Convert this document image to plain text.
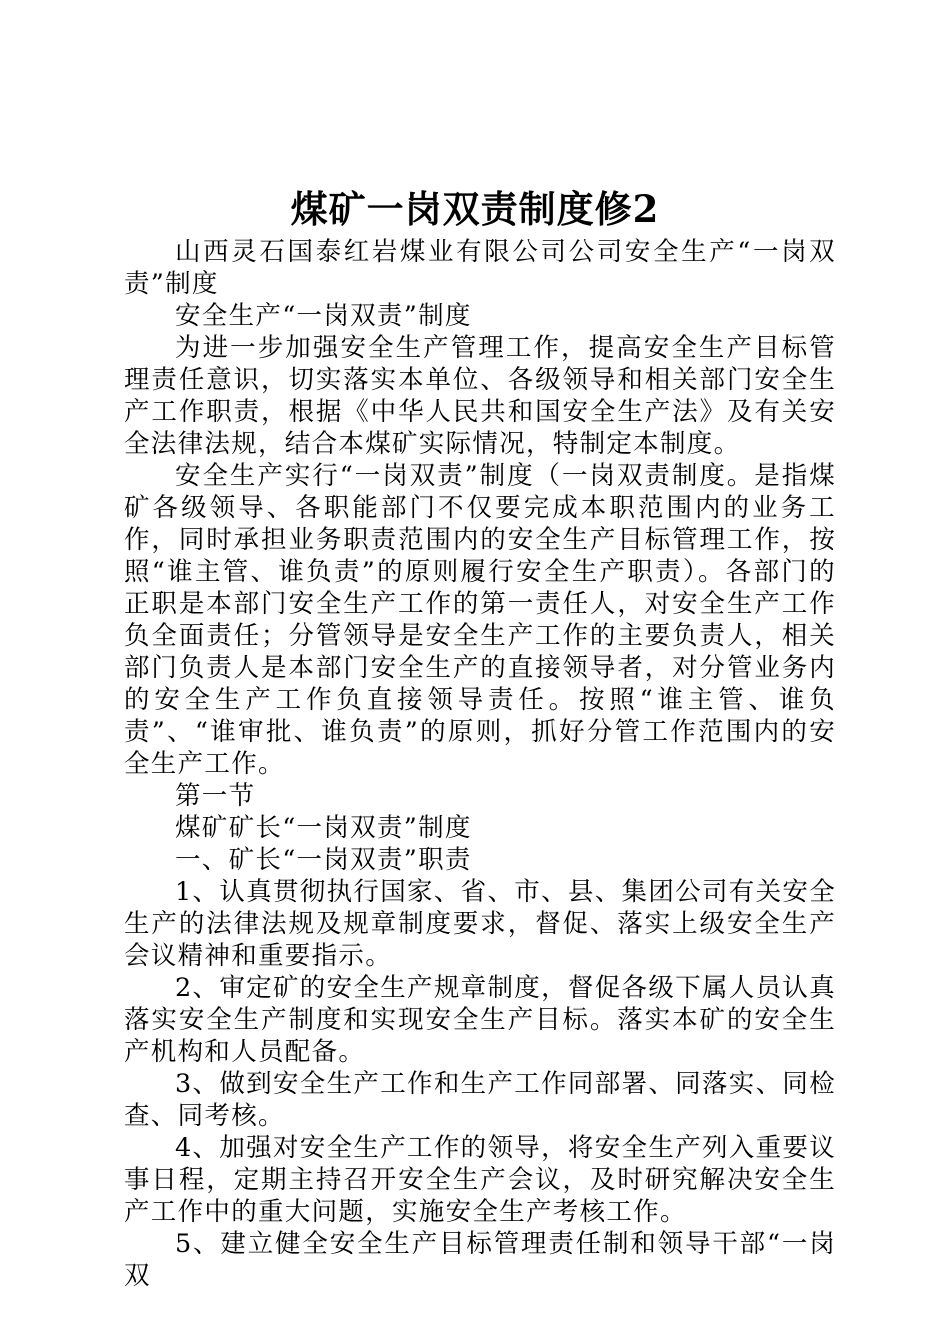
煤矿一岗双责制度修2

山西灵石国泰红岩煤业有限公司公司安全生产“一岗双责”制度

安全生产“一岗双责”制度

为进一步加强安全生产管理工作，提高安全生产目标管理责任意识，切实落实本单位、各级领导和相关部门安全生产工作职责，根据《中华人民共和国安全生产法》及有关安全法律法规，结合本煤矿实际情况，特制定本制度。

安全生产实行“一岗双责”制度（一岗双责制度。是指煤矿各级领导、各职能部门不仅要完成本职范围内的业务工作，同时承担业务职责范围内的安全生产目标管理工作，按照“谁主管、谁负责”的原则履行安全生产职责）。各部门的正职是本部门安全生产工作的第一责任人，对安全生产工作负全面责任；分管领导是安全生产工作的主要负责人，相关部门负责人是本部门安全生产的直接领导者，对分管业务内的安全生产工作负直接领导责任。按照“谁主管、谁负责”、“谁审批、谁负责”的原则，抓好分管工作范围内的安全生产工作。

第一节

煤矿矿长“一岗双责”制度

一、矿长“一岗双责”职责

1、认真贯彻执行国家、省、市、县、集团公司有关安全生产的法律法规及规章制度要求，督促、落实上级安全生产会议精神和重要指示。

2、审定矿的安全生产规章制度，督促各级下属人员认真落实安全生产制度和实现安全生产目标。落实本矿的安全生产机构和人员配备。

3、做到安全生产工作和生产工作同部署、同落实、同检查、同考核。

4、加强对安全生产工作的领导，将安全生产列入重要议事日程，定期主持召开安全生产会议，及时研究解决安全生产工作中的重大问题，实施安全生产考核工作。

5、建立健全安全生产目标管理责任制和领导干部“一岗双
